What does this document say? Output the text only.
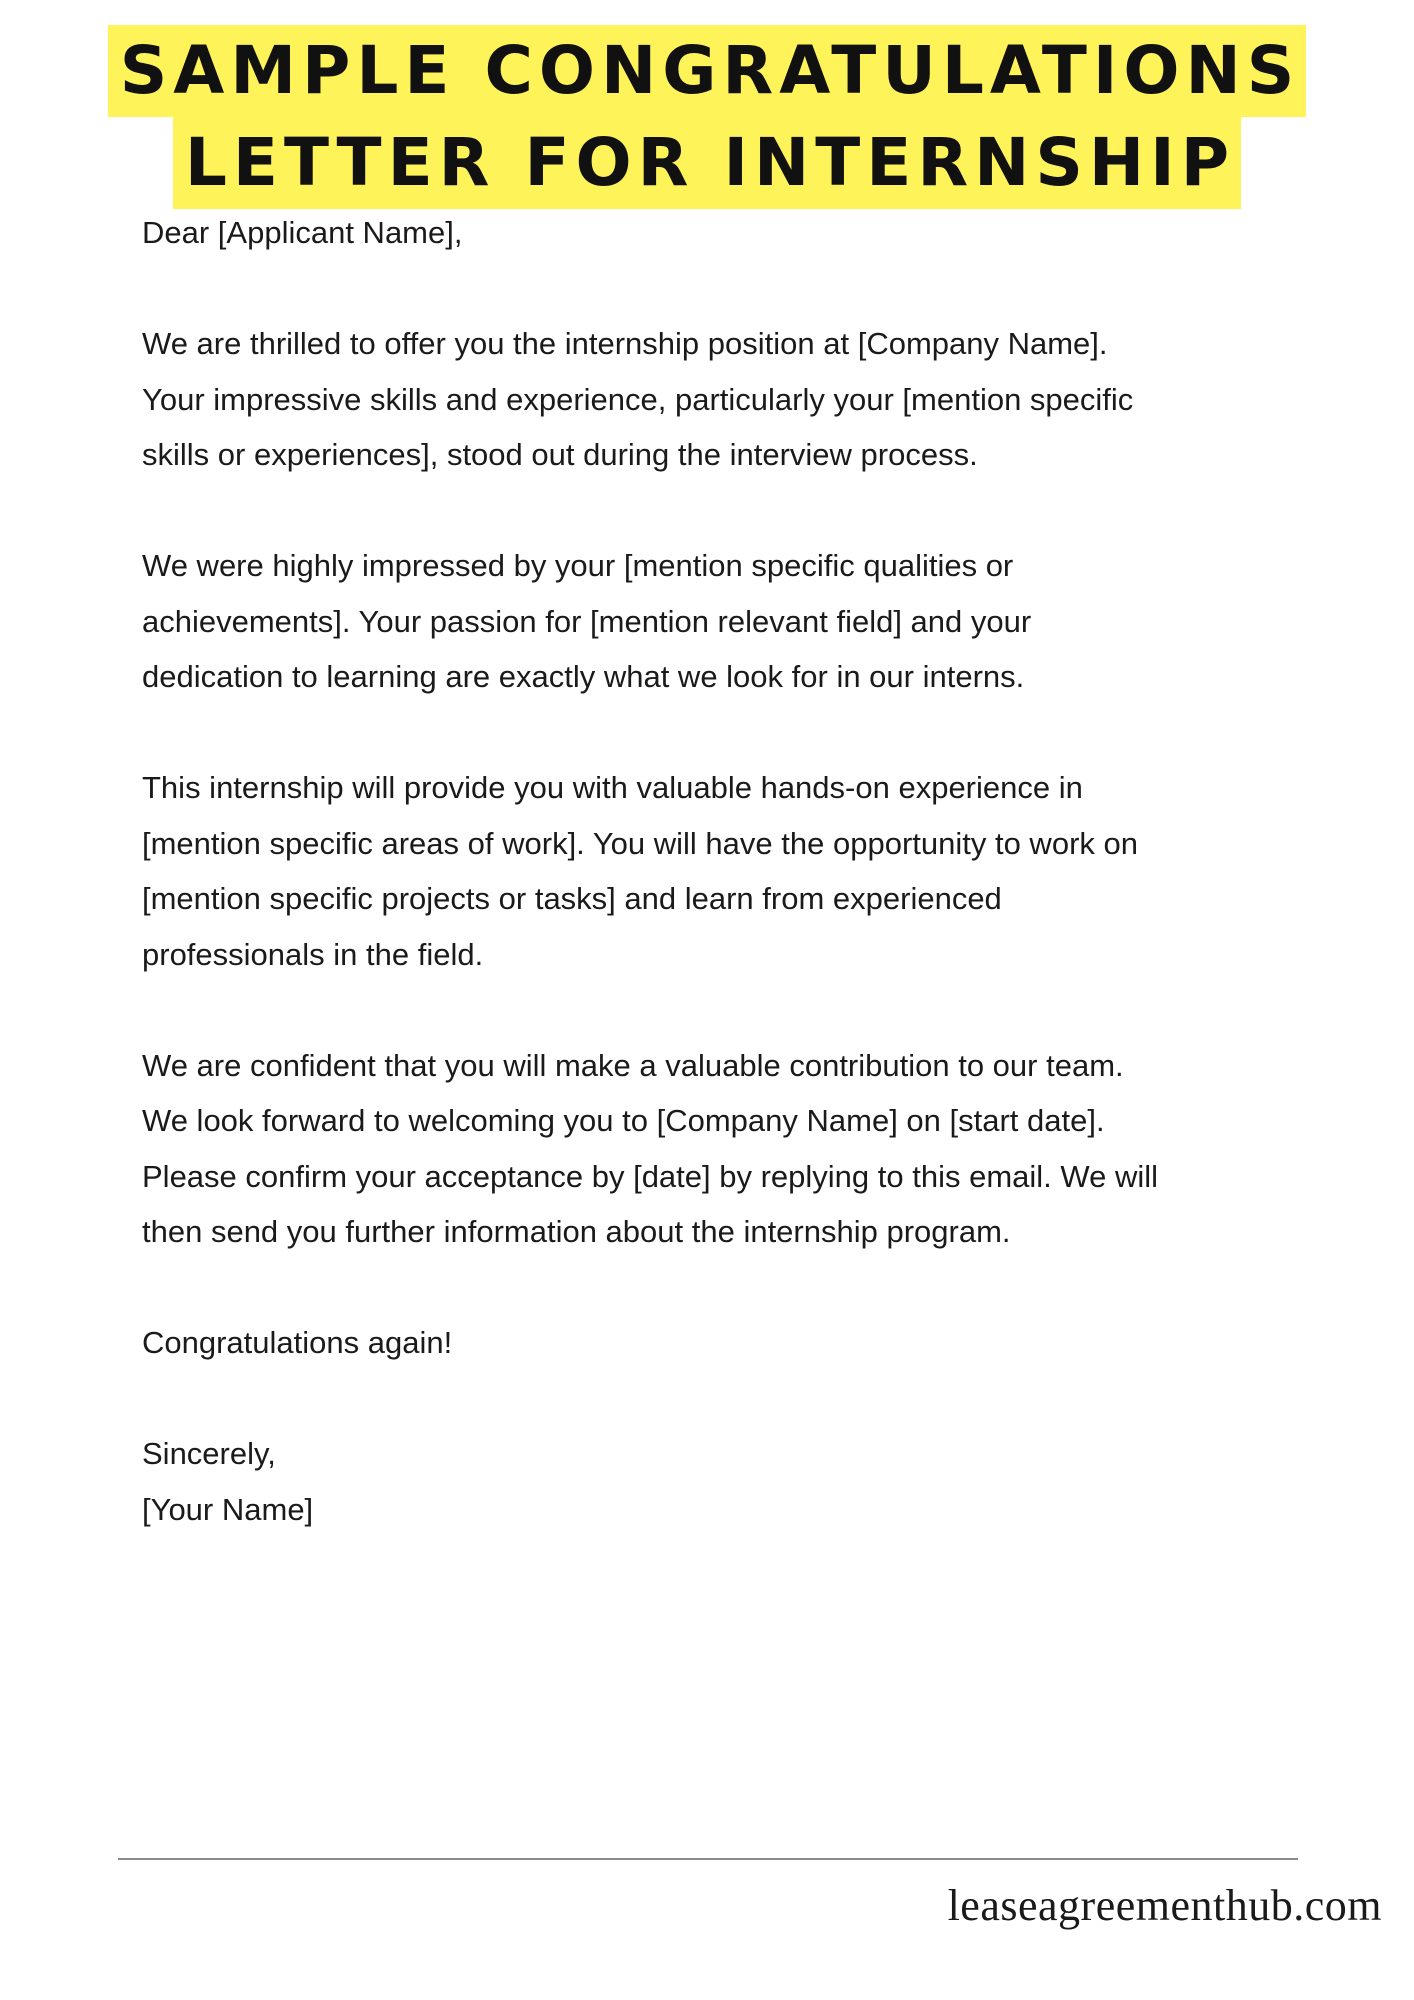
SAMPLE CONGRATULATIONS
LETTER FOR INTERNSHIP

Dear [Applicant Name],

We are thrilled to offer you the internship position at [Company Name].
Your impressive skills and experience, particularly your [mention specific
skills or experiences], stood out during the interview process.

We were highly impressed by your [mention specific qualities or
achievements]. Your passion for [mention relevant field] and your
dedication to learning are exactly what we look for in our interns.

This internship will provide you with valuable hands-on experience in
[mention specific areas of work]. You will have the opportunity to work on
[mention specific projects or tasks] and learn from experienced
professionals in the field.

We are confident that you will make a valuable contribution to our team.
We look forward to welcoming you to [Company Name] on [start date].
Please confirm your acceptance by [date] by replying to this email. We will
then send you further information about the internship program.

Congratulations again!

Sincerely,

[Your Name]

leaseagreementhub.com
